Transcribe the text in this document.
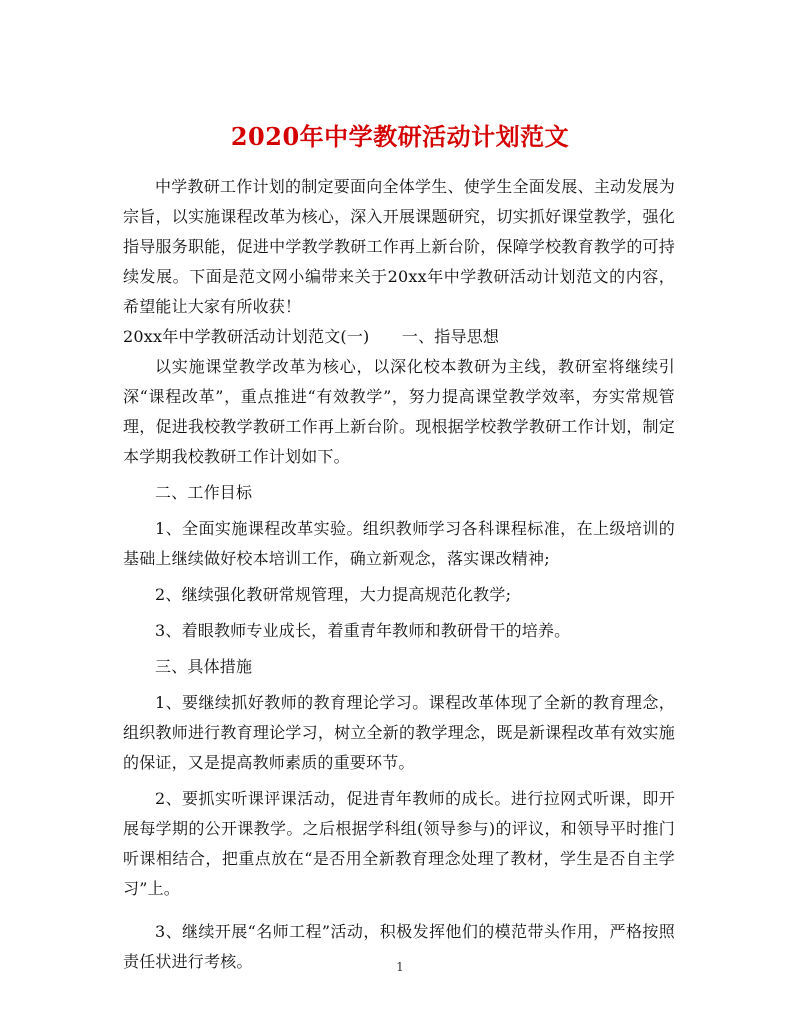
2020年中学教研活动计划范文

中学教研工作计划的制定要面向全体学生、使学生全面发展、主动发展为宗旨，以实施课程改革为核心，深入开展课题研究，切实抓好课堂教学，强化指导服务职能，促进中学教学教研工作再上新台阶，保障学校教育教学的可持续发展。下面是范文网小编带来关于20xx年中学教研活动计划范文的内容，希望能让大家有所收获！

20xx年中学教研活动计划范文(一)　　一、指导思想

以实施课堂教学改革为核心，以深化校本教研为主线，教研室将继续引深“课程改革”，重点推进“有效教学”，努力提高课堂教学效率，夯实常规管理，促进我校教学教研工作再上新台阶。现根据学校教学教研工作计划，制定本学期我校教研工作计划如下。

二、工作目标

1、全面实施课程改革实验。组织教师学习各科课程标准，在上级培训的基础上继续做好校本培训工作，确立新观念，落实课改精神;

2、继续强化教研常规管理，大力提高规范化教学;

3、着眼教师专业成长，着重青年教师和教研骨干的培养。

三、具体措施

1、要继续抓好教师的教育理论学习。课程改革体现了全新的教育理念，组织教师进行教育理论学习，树立全新的教学理念，既是新课程改革有效实施的保证，又是提高教师素质的重要环节。

2、要抓实听课评课活动，促进青年教师的成长。进行拉网式听课，即开展每学期的公开课教学。之后根据学科组(领导参与)的评议，和领导平时推门听课相结合，把重点放在“是否用全新教育理念处理了教材，学生是否自主学习”上。

3、继续开展“名师工程”活动，积极发挥他们的模范带头作用，严格按照责任状进行考核。	1
